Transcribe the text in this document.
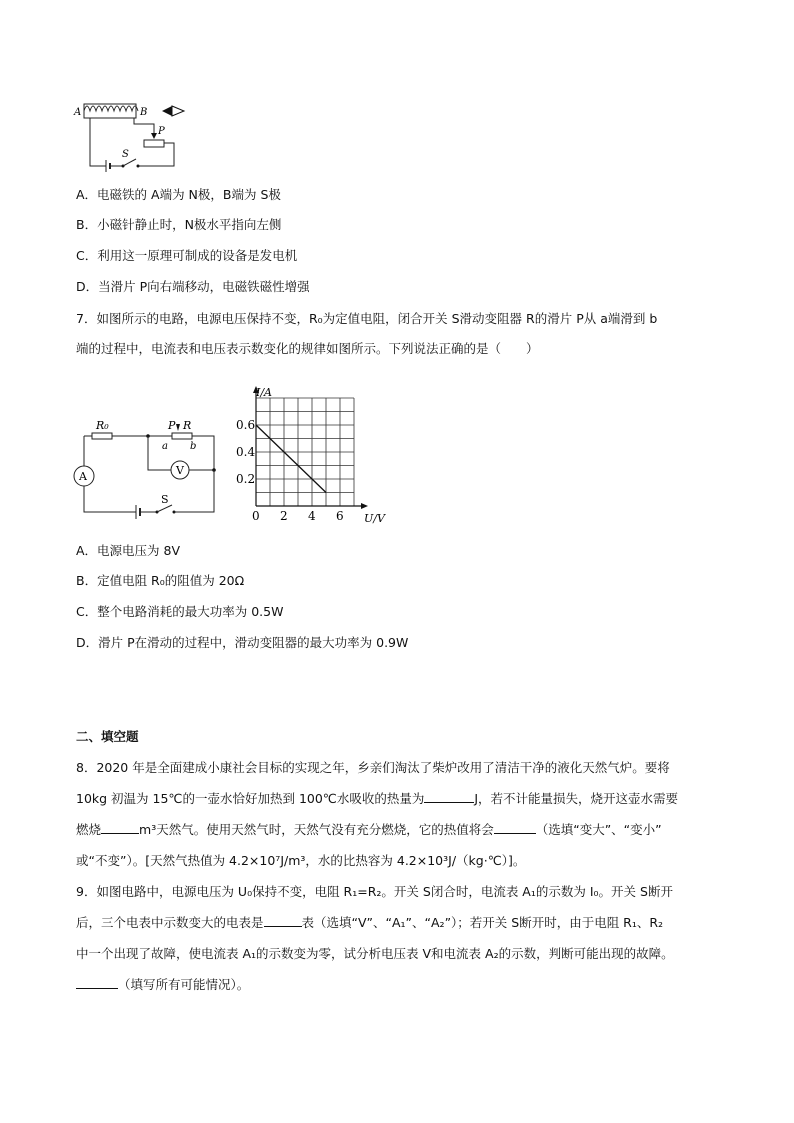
A	B
P
S
A．电磁铁的 A端为 N极，B端为 S极
B．小磁针静止时，N极水平指向左侧
C．利用这一原理可制成的设备是发电机
D．当滑片 P向右端移动，电磁铁磁性增强
7．如图所示的电路，电源电压保持不变，R₀为定值电阻，闭合开关 S滑动变阻器 R的滑片 P从 a端滑到 b
端的过程中，电流表和电压表示数变化的规律如图所示。下列说法正确的是（　　）
R₀	P R
a b
V
A
S
0 2 4 6
0.2
0.4
0.6
I/A
U/V
A．电源电压为 8V
B．定值电阻 R₀的阻值为 20Ω
C．整个电路消耗的最大功率为 0.5W
D．滑片 P在滑动的过程中，滑动变阻器的最大功率为 0.9W
二、填空题
8．2020 年是全面建成小康社会目标的实现之年，乡亲们淘汰了柴炉改用了清洁干净的液化天然气炉。要将
10kg 初温为 15℃的一壶水恰好加热到 100℃水吸收的热量为	J，若不计能量损失，烧开这壶水需要
燃烧	m³天然气。使用天然气时，天然气没有充分燃烧，它的热值将会	（选填“变大”、“变小”
或“不变”）。[天然气热值为 4.2×10⁷J/m³，水的比热容为 4.2×10³J/（kg·℃）]。
9．如图电路中，电源电压为 U₀保持不变，电阻 R₁=R₂。开关 S闭合时，电流表 A₁的示数为 I₀。开关 S断开
后，三个电表中示数变大的电表是	表（选填“V”、“A₁”、“A₂”）；若开关 S断开时，由于电阻 R₁、R₂
中一个出现了故障，使电流表 A₁的示数变为零，试分析电压表 V和电流表 A₂的示数，判断可能出现的故障。
（填写所有可能情况）。
